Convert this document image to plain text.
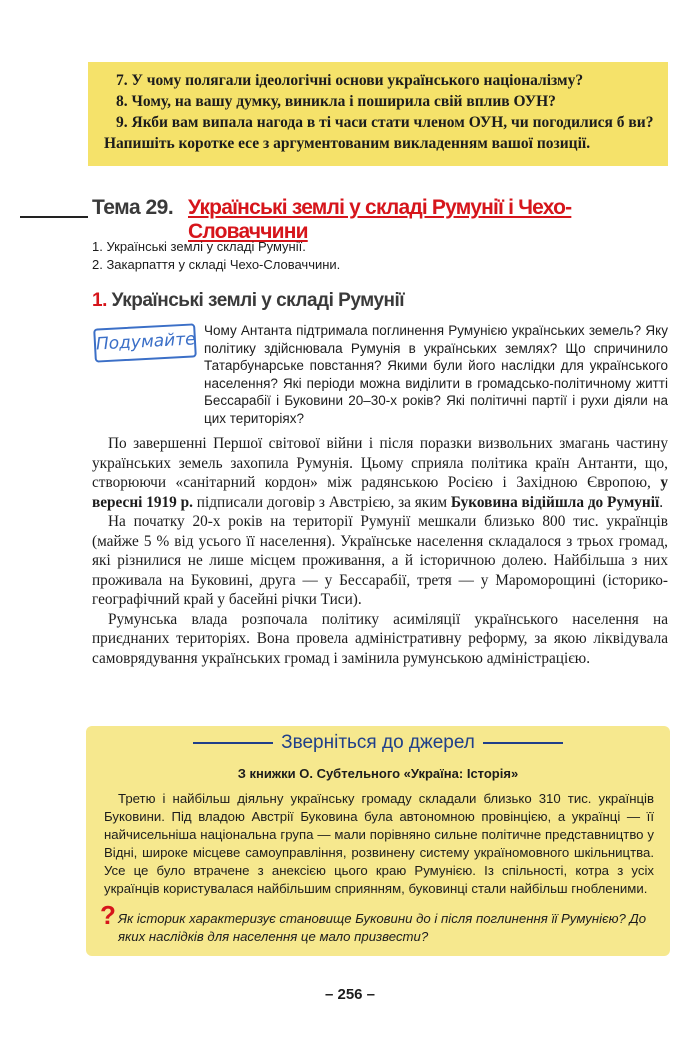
7. У чому полягали ідеологічні основи українського націоналізму?

8. Чому, на вашу думку, виникла і поширила свій вплив ОУН?

9. Якби вам випала нагода в ті часи стати членом ОУН, чи погодилися б ви? Напишіть коротке есе з аргументованим викладенням вашої позиції.

Тема 29. Українські землі у складі Румунії і Чехо-Словаччини
1. Українські землі у складі Румунії.
2. Закарпаття у складі Чехо-Словаччини.
1. Українські землі у складі Румунії
Чому Антанта підтримала поглинення Румунією українських земель? Яку політику здійснювала Румунія в українських землях? Що спричинило Татарбунарське повстання? Якими були його наслідки для українського населення? Які періоди можна виділити в громадсько-політичному житті Бессарабії і Буковини 20–30-х років? Які політичні партії і рухи діяли на цих територіях?
Подумайте

По завершенні Першої світової війни і після поразки визвольних змагань частину українських земель захопила Румунія. Цьому сприяла політика країн Антанти, що, створюючи «санітарний кордон» між радянською Росією і Західною Європою, у вересні 1919 р. підписали договір з Австрією, за яким Буковина відійшла до Румунії.

На початку 20-х років на території Румунії мешкали близько 800 тис. українців (майже 5 % від усього її населення). Українське населення складалося з трьох громад, які різнилися не лише місцем проживання, а й історичною долею. Найбільша з них проживала на Буковині, друга — у Бессарабії, третя — у Мароморощині (історико-географічний край у басейні річки Тиси).

Румунська влада розпочала політику асиміляції українського населення на приєднаних територіях. Вона провела адміністративну реформу, за якою ліквідувала самоврядування українських громад і замінила румунською адміністрацією.

Зверніться до джерел
З книжки О. Субтельного «Україна: Історія»

Третю і найбільш діяльну українську громаду складали близько 310 тис. українців Буковини. Під владою Австрії Буковина була автономною провінцією, а українці — її найчисельніша національна група — мали порівняно сильне політичне представництво у Відні, широке місцеве самоуправління, розвинену систему україномовного шкільництва. Усе це було втрачене з анексією цього краю Румунією. Із спільності, котра з усіх українців користувалася найбільшим сприянням, буковинці стали найбільш гнобленими.

? Як історик характеризує становище Буковини до і після поглинення її Румунією? До яких наслідків для населення це мало призвести?
– 256 –
